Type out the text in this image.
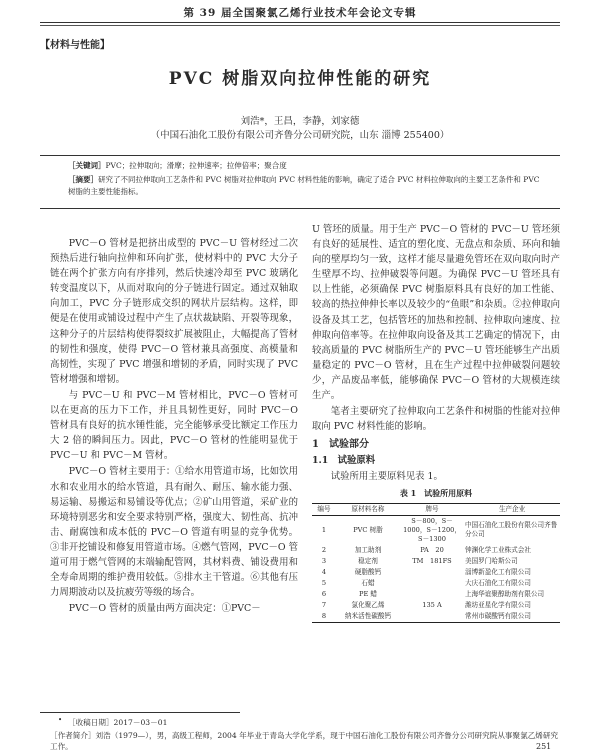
第 39 届全国聚氯乙烯行业技术年会论文专辑
【材料与性能】
PVC 树脂双向拉伸性能的研究
刘浩*，王昌，李静，刘家德
（中国石油化工股份有限公司齐鲁分公司研究院，山东 淄博 255400）
［关键词］PVC；拉伸取向；滑摩；拉伸速率；拉伸倍率；聚合度
［摘要］研究了不同拉伸取向工艺条件和 PVC 树脂对拉伸取向 PVC 材料性能的影响，确定了适合 PVC 材料拉伸取向的主要工艺条件和 PVC 树脂的主要性能指标。

PVC－O 管材是把挤出成型的 PVC－U 管材经过二次预热后进行轴向拉伸和环向扩张，使材料中的 PVC 大分子链在两个扩张方向有序排列，然后快速冷却至 PVC 玻璃化转变温度以下，从而对取向的分子链进行固定。通过双轴取向加工，PVC 分子链形成交织的网状片层结构。这样，即便是在使用或铺设过程中产生了点状裁缺陷、开裂等现象，这种分子的片层结构使得裂纹扩展被阻止，大幅提高了管材的韧性和强度，使得 PVC－O 管材兼具高强度、高模量和高韧性，实现了 PVC 增强和增韧的矛盾，同时实现了 PVC 管材增强和增韧。

与 PVC－U 和 PVC－M 管材相比，PVC－O 管材可以在更高的压力下工作，并且具韧性更好，同时 PVC－O 管材具有良好的抗水锤性能，完全能够承受比额定工作压力大 2 倍的瞬间压力。因此，PVC－O 管材的性能明显优于 PVC－U 和 PVC－M 管材。

PVC－O 管材主要用于：①给水用管道市场，比如饮用水和农业用水的给水管道，具有耐久、耐压、输水能力强、易运输、易搬运和易铺设等优点；②矿山用管道，采矿业的环境特别恶劣和安全要求特别严格，强度大、韧性高、抗冲击、耐腐蚀和成本低的 PVC－O 管道有明显的竞争优势。③非开挖铺设和修复用管道市场。④燃气管网，PVC－O 管道可用于燃气管网的末端输配管网，其材料费、铺设费用和全寿命周期的维护费用较低。⑤排水主干管道。⑥其他有压力周期波动以及抗疲劳等级的场合。

PVC－O 管材的质量由两方面决定：①PVC－

U 管坯的质量。用于生产 PVC－O 管材的 PVC－U 管坯须有良好的延展性、适宜的塑化度、无盘点和杂质、环向和轴向的壁厚均匀一致，这样才能尽量避免管坯在双向取向时产生壁厚不均、拉伸破裂等问题。为确保 PVC－U 管坯具有以上性能，必须确保 PVC 树脂原料具有良好的加工性能、较高的热拉伸伸长率以及较少的“鱼眼”和杂质。②拉伸取向设备及其工艺，包括管坯的加热和控制、拉伸取向速度、拉伸取向倍率等。在拉伸取向设备及其工艺确定的情况下，由较高质量的 PVC 树脂所生产的 PVC－U 管坯能够生产出质量稳定的 PVC－O 管材，且在生产过程中拉伸破裂问题较少，产品废品率低，能够确保 PVC－O 管材的大规模连续生产。

笔者主要研究了拉伸取向工艺条件和树脂的性能对拉伸取向 PVC 材料性能的影响。

1　试验部分
1.1　试验原料

试验所用主要原料见表 1。

表 1　试验所用原料
编号	原材料名称	牌号	生产企业
1	PVC 树脂	S－800，S－1000，S－1200，S－1300	中国石油化工股份有限公司齐鲁分公司
2	加工助剂	PA　20	钟渊化学工业株式会社
3	稳定剂	TM　181FS	美国罗门哈斯公司
4	硬脂酸钙		淄博新盈化工有限公司
5	石蜡		大庆石油化工有限公司
6	PE 蜡		上海华谊聚醇助剂有限公司
7	氯化聚乙烯	135 A	潍坊亚星化学有限公司
8	纳米活性碳酸钙		常州市碳酸钙有限公司
• ［收稿日期］2017－03－01
［作者简介］刘浩（1979—），男，高级工程师，2004 年毕业于青岛大学化学系，现于中国石油化工股份有限公司齐鲁分公司研究院从事聚氯乙烯研究工作。	251
